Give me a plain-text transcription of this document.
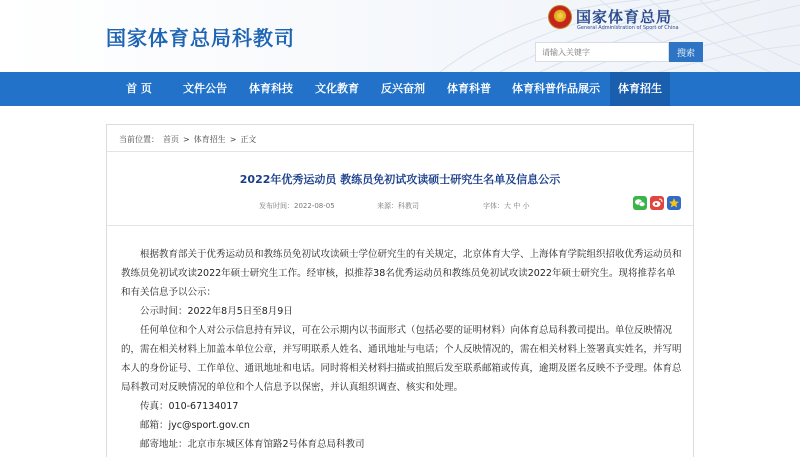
国家体育总局科教司
国家体育总局
General Administration of Sport of China
请输入关键字
搜索
首 页	文件公告	体育科技	文化教育	反兴奋剂	体育科普	体育科普作品展示	体育招生
当前位置： 首页 > 体育招生 > 正文
2022年优秀运动员 教练员免初试攻读硕士研究生名单及信息公示
发布时间：2022-08-05	来源：科教司	字体：大 中 小

根据教育部关于优秀运动员和教练员免初试攻读硕士学位研究生的有关规定，北京体育大学、上海体育学院组织招收优秀运动员和教练员免初试攻读2022年硕士研究生工作。经审核，拟推荐38名优秀运动员和教练员免初试攻读2022年硕士研究生。现将推荐名单和有关信息予以公示：

公示时间：2022年8月5日至8月9日

任何单位和个人对公示信息持有异议，可在公示期内以书面形式（包括必要的证明材料）向体育总局科教司提出。单位反映情况的，需在相关材料上加盖本单位公章，并写明联系人姓名、通讯地址与电话；个人反映情况的，需在相关材料上签署真实姓名，并写明本人的身份证号、工作单位、通讯地址和电话。同时将相关材料扫描或拍照后发至联系邮箱或传真，逾期及匿名反映不予受理。体育总局科教司对反映情况的单位和个人信息予以保密，并认真组织调查、核实和处理。

传真：010-67134017

邮箱：jyc@sport.gov.cn

邮寄地址：北京市东城区体育馆路2号体育总局科教司
